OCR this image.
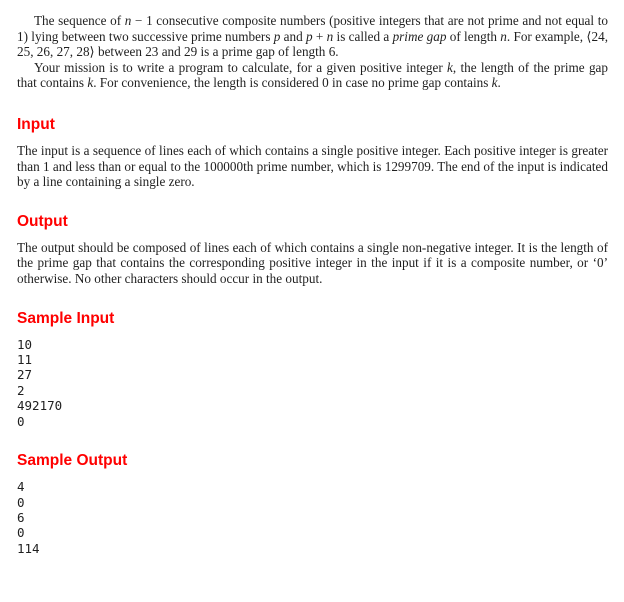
The sequence of n − 1 consecutive composite numbers (positive integers that are not prime and not equal to 1) lying between two successive prime numbers p and p + n is called a prime gap of length n. For example, ⟨24, 25, 26, 27, 28⟩ between 23 and 29 is a prime gap of length 6.

Your mission is to write a program to calculate, for a given positive integer k, the length of the prime gap that contains k. For convenience, the length is considered 0 in case no prime gap contains k.

Input

The input is a sequence of lines each of which contains a single positive integer. Each positive integer is greater than 1 and less than or equal to the 100000th prime number, which is 1299709. The end of the input is indicated by a line containing a single zero.

Output

The output should be composed of lines each of which contains a single non-negative integer. It is the length of the prime gap that contains the corresponding positive integer in the input if it is a composite number, or ‘0’ otherwise. No other characters should occur in the output.

Sample Input
10
11
27
2
492170
0
Sample Output
4
0
6
0
114
